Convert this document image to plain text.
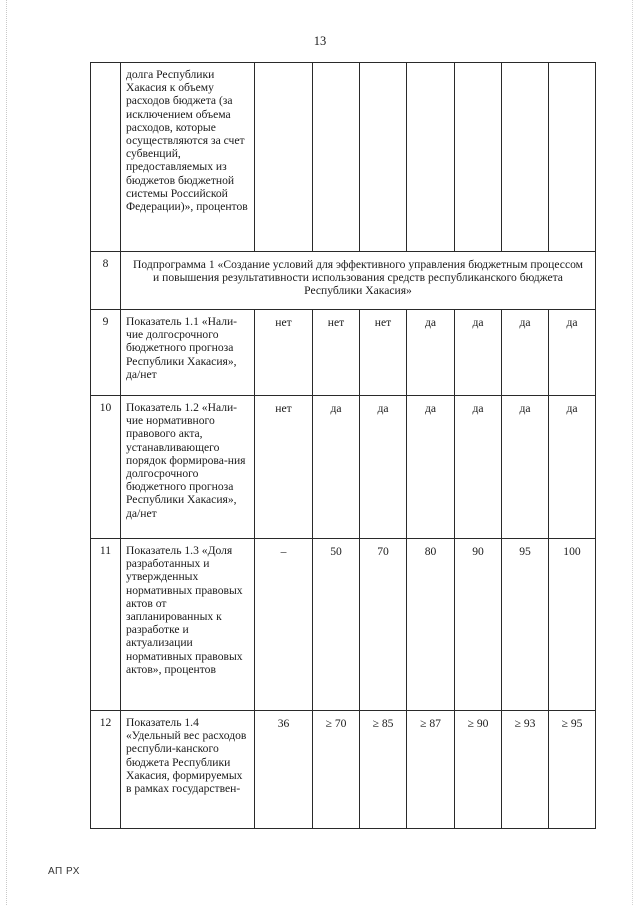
13
	долга Республики Хакасия к объему расходов бюджета (за исключением объема расходов, которые осуществляются за счет субвенций, предоставляемых из бюджетов бюджетной системы Российской Федерации)», процентов							
8	Подпрограмма 1 «Создание условий для эффективного управления бюджетным процессом и повышения результативности использования средств республиканского бюджета Республики Хакасия»							
9	Показатель 1.1 «Нали-чие долгосрочного бюджетного прогноза Республики Хакасия», да/нет	нет	нет	нет	да	да	да	да
10	Показатель 1.2 «Нали-чие нормативного правового акта, устанавливающего порядок формирова-ния долгосрочного бюджетного прогноза Республики Хакасия», да/нет	нет	да	да	да	да	да	да
11	Показатель 1.3 «Доля разработанных и утвержденных нормативных правовых актов от запланированных к разработке и актуализации нормативных правовых актов», процентов	–	50	70	80	90	95	100
12	Показатель 1.4 «Удельный вес расходов республи-канского бюджета Республики Хакасия, формируемых в рамках государствен-	36	≥ 70	≥ 85	≥ 87	≥ 90	≥ 93	≥ 95
АП РХ
